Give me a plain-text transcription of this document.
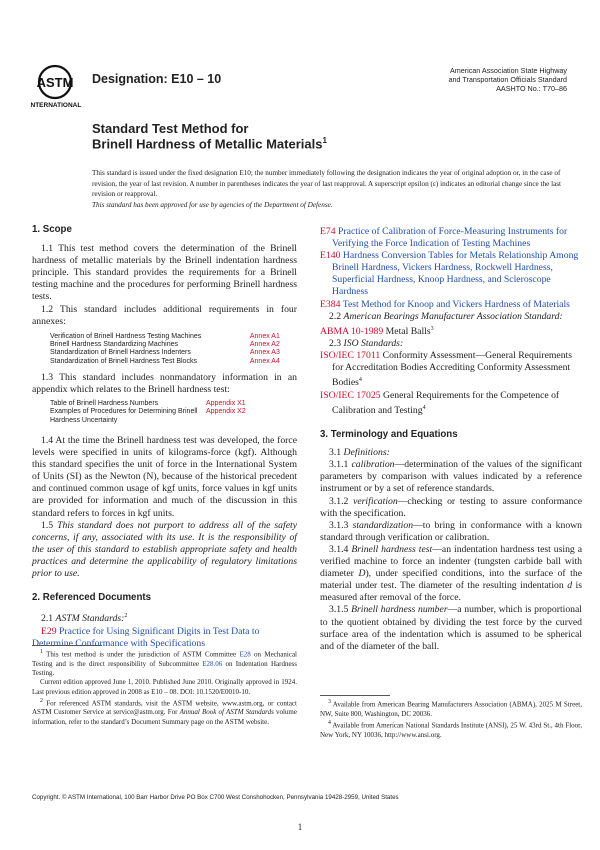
ASTM
INTERNATIONAL
Designation: E10 – 10
American Association State Highway
and Transportation Officials Standard
AASHTO No.: T70–86
Standard Test Method for
Brinell Hardness of Metallic Materials$^1$
This standard is issued under the fixed designation E10; the number immediately following the designation indicates the year of original adoption or, in the case of revision, the year of last revision. A number in parentheses indicates the year of last reapproval. A superscript epsilon (ε) indicates an editorial change since the last revision or reapproval.
This standard has been approved for use by agencies of the Department of Defense.

1. Scope

1.1 This test method covers the determination of the Brinell hardness of metallic materials by the Brinell indentation hardness principle. This standard provides the requirements for a Brinell testing machine and the procedures for performing Brinell hardness tests.

1.2 This standard includes additional requirements in four annexes:

Verification of Brinell Hardness Testing Machines	Annex A1
Brinell Hardness Standardizing Machines	Annex A2
Standardization of Brinell Hardness Indenters	Annex A3
Standardization of Brinell Hardness Test Blocks	Annex A4

1.3 This standard includes nonmandatory information in an appendix which relates to the Brinell hardness test:

Table of Brinell Hardness Numbers	Appendix X1
Examples of Procedures for Determining Brinell Hardness Uncertainty	Appendix X2

1.4 At the time the Brinell hardness test was developed, the force levels were specified in units of kilograms-force (kgf). Although this standard specifies the unit of force in the International System of Units (SI) as the Newton (N), because of the historical precedent and continued common usage of kgf units, force values in kgf units are provided for information and much of the discussion in this standard refers to forces in kgf units.

1.5 This standard does not purport to address all of the safety concerns, if any, associated with its use. It is the responsibility of the user of this standard to establish appropriate safety and health practices and determine the applicability of regulatory limitations prior to use.

2. Referenced Documents

2.1 ASTM Standards:$^2$

E29 Practice for Using Significant Digits in Test Data to Determine Conformance with Specifications

E74 Practice of Calibration of Force-Measuring Instruments for Verifying the Force Indication of Testing Machines

E140 Hardness Conversion Tables for Metals Relationship Among Brinell Hardness, Vickers Hardness, Rockwell Hardness, Superficial Hardness, Knoop Hardness, and Scleroscope Hardness

E384 Test Method for Knoop and Vickers Hardness of Materials

2.2 American Bearings Manufacturer Association Standard:

ABMA 10-1989 Metal Balls$^3$

2.3 ISO Standards:

ISO/IEC 17011 Conformity Assessment—General Requirements for Accreditation Bodies Accrediting Conformity Assessment Bodies$^4$

ISO/IEC 17025 General Requirements for the Competence of Calibration and Testing$^4$

3. Terminology and Equations

3.1 Definitions:

3.1.1 calibration—determination of the values of the significant parameters by comparison with values indicated by a reference instrument or by a set of reference standards.

3.1.2 verification—checking or testing to assure conformance with the specification.

3.1.3 standardization—to bring in conformance with a known standard through verification or calibration.

3.1.4 Brinell hardness test—an indentation hardness test using a verified machine to force an indenter (tungsten carbide ball with diameter D), under specified conditions, into the surface of the material under test. The diameter of the resulting indentation d is measured after removal of the force.

3.1.5 Brinell hardness number—a number, which is proportional to the quotient obtained by dividing the test force by the curved surface area of the indentation which is assumed to be spherical and of the diameter of the ball.

$^1$ This test method is under the jurisdiction of ASTM Committee E28 on Mechanical Testing and is the direct responsibility of Subcommittee E28.06 on Indentation Hardness Testing.

Current edition approved June 1, 2010. Published June 2010. Originally approved in 1924. Last previous edition approved in 2008 as E10 – 08. DOI: 10.1520/E0010-10.

$^2$ For referenced ASTM standards, visit the ASTM website, www.astm.org, or contact ASTM Customer Service at service@astm.org. For Annual Book of ASTM Standards volume information, refer to the standard’s Document Summary page on the ASTM website.

$^3$ Available from American Bearing Manufacturers Association (ABMA), 2025 M Street, NW, Suite 800, Washington, DC 20036.

$^4$ Available from American National Standards Institute (ANSI), 25 W. 43rd St., 4th Floor, New York, NY 10036, http://www.ansi.org.

Copyright. © ASTM International, 100 Barr Harbor Drive PO Box C700 West Conshohocken, Pennsylvania 19428-2959, United States
1
